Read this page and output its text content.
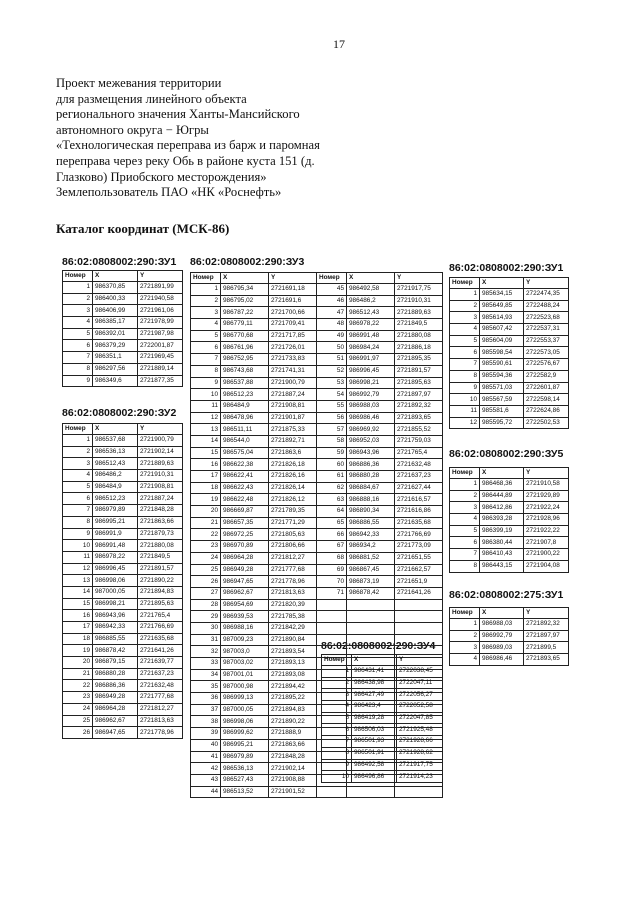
17
Проект межевания территории
для размещения линейного объекта
регионального значения Ханты-Мансийского
автономного округа − Югры
«Технологическая переправа из барж и паромная
переправа через реку Обь в районе куста 151 (д.
Глазково) Приобского месторождения»
Землепользователь ПАО «НК «Роснефть»
Каталог координат (МСК-86)
86:02:0808002:290:ЗУ1
86:02:0808002:290:ЗУ2
86:02:0808002:290:ЗУ3
86:02:0808002:290:ЗУ4
86:02:0808002:290:ЗУ1
86:02:0808002:290:ЗУ5
86:02:0808002:275:ЗУ1
Номер	X	Y
1	986370,85	2721891,99
2	986400,33	2721940,58
3	986406,99	2721961,06
4	986385,17	2721978,99
5	986392,01	2721987,98
6	986379,29	2722001,87
7	986351,1	2721969,45
8	986297,56	2721889,14
9	986349,6	2721877,35
Номер	X	Y
1	986537,68	2721900,79
2	986536,13	2721902,14
3	986512,43	2721889,63
4	986486,2	2721910,31
5	986484,9	2721908,81
6	986512,23	2721887,24
7	986979,89	2721848,28
8	986995,21	2721863,66
9	986991,9	2721879,73
10	986991,48	2721880,08
11	986978,22	2721849,5
12	986996,45	2721891,57
13	986998,06	2721890,22
14	987000,05	2721894,83
15	986998,21	2721895,63
16	986943,96	2721765,4
17	986942,33	2721766,69
18	986885,55	2721635,68
19	986878,42	2721641,26
20	986879,15	2721639,77
21	986880,28	2721637,23
22	986886,36	2721632,48
23	986949,28	2721777,68
24	986964,28	2721812,27
25	986962,67	2721813,63
26	986947,65	2721778,96
Номер	X	Y	Номер	X	Y
1	986795,34	2721691,18	45	986492,58	2721917,75
2	986795,02	2721691,6	46	986486,2	2721910,31
3	986787,22	2721700,66	47	986512,43	2721889,63
4	986779,11	2721709,41	48	986978,22	2721849,5
5	986770,68	2721717,85	49	986991,48	2721880,08
6	986761,96	2721726,01	50	986984,24	2721886,18
7	986752,95	2721733,83	51	986991,97	2721895,35
8	986743,68	2721741,31	52	986996,45	2721891,57
9	986537,88	2721900,79	53	986998,21	2721895,63
10	986512,23	2721887,24	54	986992,79	2721897,97
11	986484,9	2721908,81	55	986988,03	2721892,32
12	986478,96	2721901,87	56	986986,46	2721893,65
13	986511,11	2721875,33	57	986969,92	2721855,52
14	986544,0	2721892,71	58	986952,03	2721759,03
15	986575,04	2721863,6	59	986943,96	2721765,4
16	986622,38	2721826,18	60	986886,36	2721632,48
17	986622,41	2721826,16	61	986880,28	2721637,23
18	986622,43	2721826,14	62	986884,67	2721627,44
19	986622,48	2721826,12	63	986888,16	2721616,57
20	986669,87	2721789,35	64	986890,34	2721616,86
21	986657,35	2721771,29	65	986886,55	2721635,68
22	986972,25	2721805,63	66	986942,33	2721766,69
23	986970,89	2721806,66	67	986934,2	2721773,09
24	986964,28	2721812,27	68	986881,52	2721651,55
25	986949,28	2721777,68	69	986867,45	2721662,57
26	986947,65	2721778,96	70	986873,19	2721651,9
27	986962,67	2721813,63	71	986878,42	2721641,26
28	986954,69	2721820,39			
29	986939,53	2721785,38			
30	986988,16	2721842,29			
31	987009,23	2721890,84			
32	987003,0	2721893,54			
33	987003,02	2721893,13			
34	987001,01	2721893,08			
35	987000,98	2721894,42			
36	986999,13	2721895,22			
37	987000,05	2721894,83			
38	986998,06	2721890,22			
39	986999,62	2721888,9			
40	986995,21	2721863,66			
41	986979,89	2721848,28			
42	986536,13	2721902,14			
43	986527,43	2721908,88			
44	986513,52	2721901,52			
Номер	X	Y
1	986431,41	2722038,45
2	986438,98	2722047,11
3	986427,49	2722056,27
4	986423,4	2722052,58
5	986419,28	2722047,85
6	986506,03	2721925,48
7	986501,93	2721928,66
8	986501,91	2721928,62
9	986492,58	2721917,75
10	986496,86	2721914,23
Номер	X	Y
1	985634,15	2722474,35
2	985649,85	2722488,24
3	985614,93	2722523,68
4	985607,42	2722537,31
5	985604,09	2722553,37
6	985598,54	2722573,05
7	985590,61	2722576,67
8	985594,36	2722582,9
9	985571,03	2722601,87
10	985567,59	2722598,14
11	985581,6	2722624,86
12	985595,72	2722502,53
Номер	X	Y
1	986468,36	2721910,58
2	986444,89	2721929,89
3	986412,86	2721922,24
4	986393,28	2721928,96
5	986399,19	2721922,22
6	986380,44	2721907,8
7	986410,43	2721900,22
8	986443,15	2721904,08
Номер	X	Y
1	986988,03	2721892,32
2	986992,79	2721897,97
3	986989,03	2721899,5
4	986986,46	2721893,65
